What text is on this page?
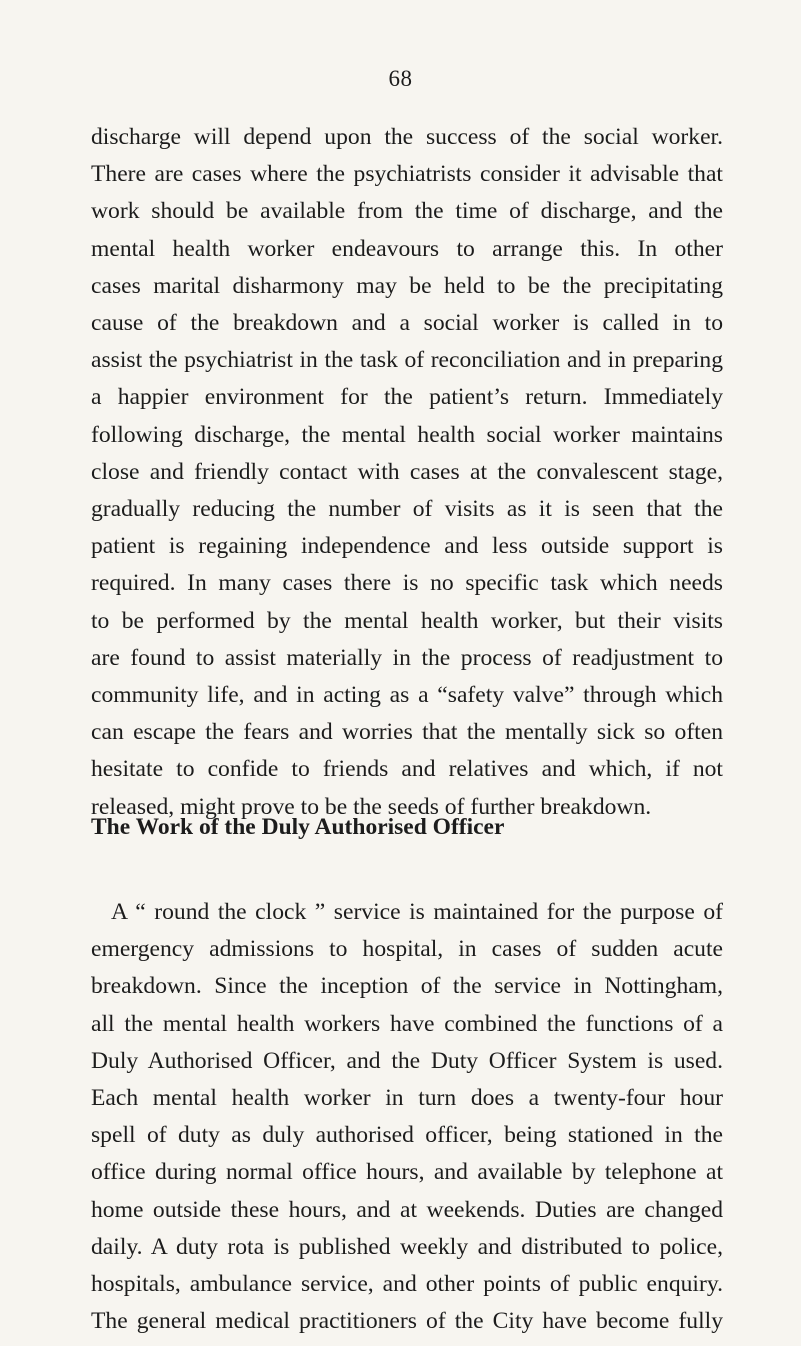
68
discharge will depend upon the success of the social worker.
There are cases where the psychiatrists consider it advisable that
work should be available from the time of discharge, and the
mental health worker endeavours to arrange this. In other
cases marital disharmony may be held to be the precipitating
cause of the breakdown and a social worker is called in to
assist the psychiatrist in the task of reconciliation and in preparing
a happier environment for the patient’s return. Immediately
following discharge, the mental health social worker maintains
close and friendly contact with cases at the convalescent stage,
gradually reducing the number of visits as it is seen that the
patient is regaining independence and less outside support is
required. In many cases there is no specific task which needs
to be performed by the mental health worker, but their visits
are found to assist materially in the process of readjustment to
community life, and in acting as a “safety valve” through which
can escape the fears and worries that the mentally sick so often
hesitate to confide to friends and relatives and which, if not
released, might prove to be the seeds of further breakdown.
The Work of the Duly Authorised Officer
A “ round the clock ” service is maintained for the purpose of
emergency admissions to hospital, in cases of sudden acute
breakdown. Since the inception of the service in Nottingham,
all the mental health workers have combined the functions of a
Duly Authorised Officer, and the Duty Officer System is used.
Each mental health worker in turn does a twenty-four hour
spell of duty as duly authorised officer, being stationed in the
office during normal office hours, and available by telephone at
home outside these hours, and at weekends. Duties are changed
daily. A duty rota is published weekly and distributed to police,
hospitals, ambulance service, and other points of public enquiry.
The general medical practitioners of the City have become fully
